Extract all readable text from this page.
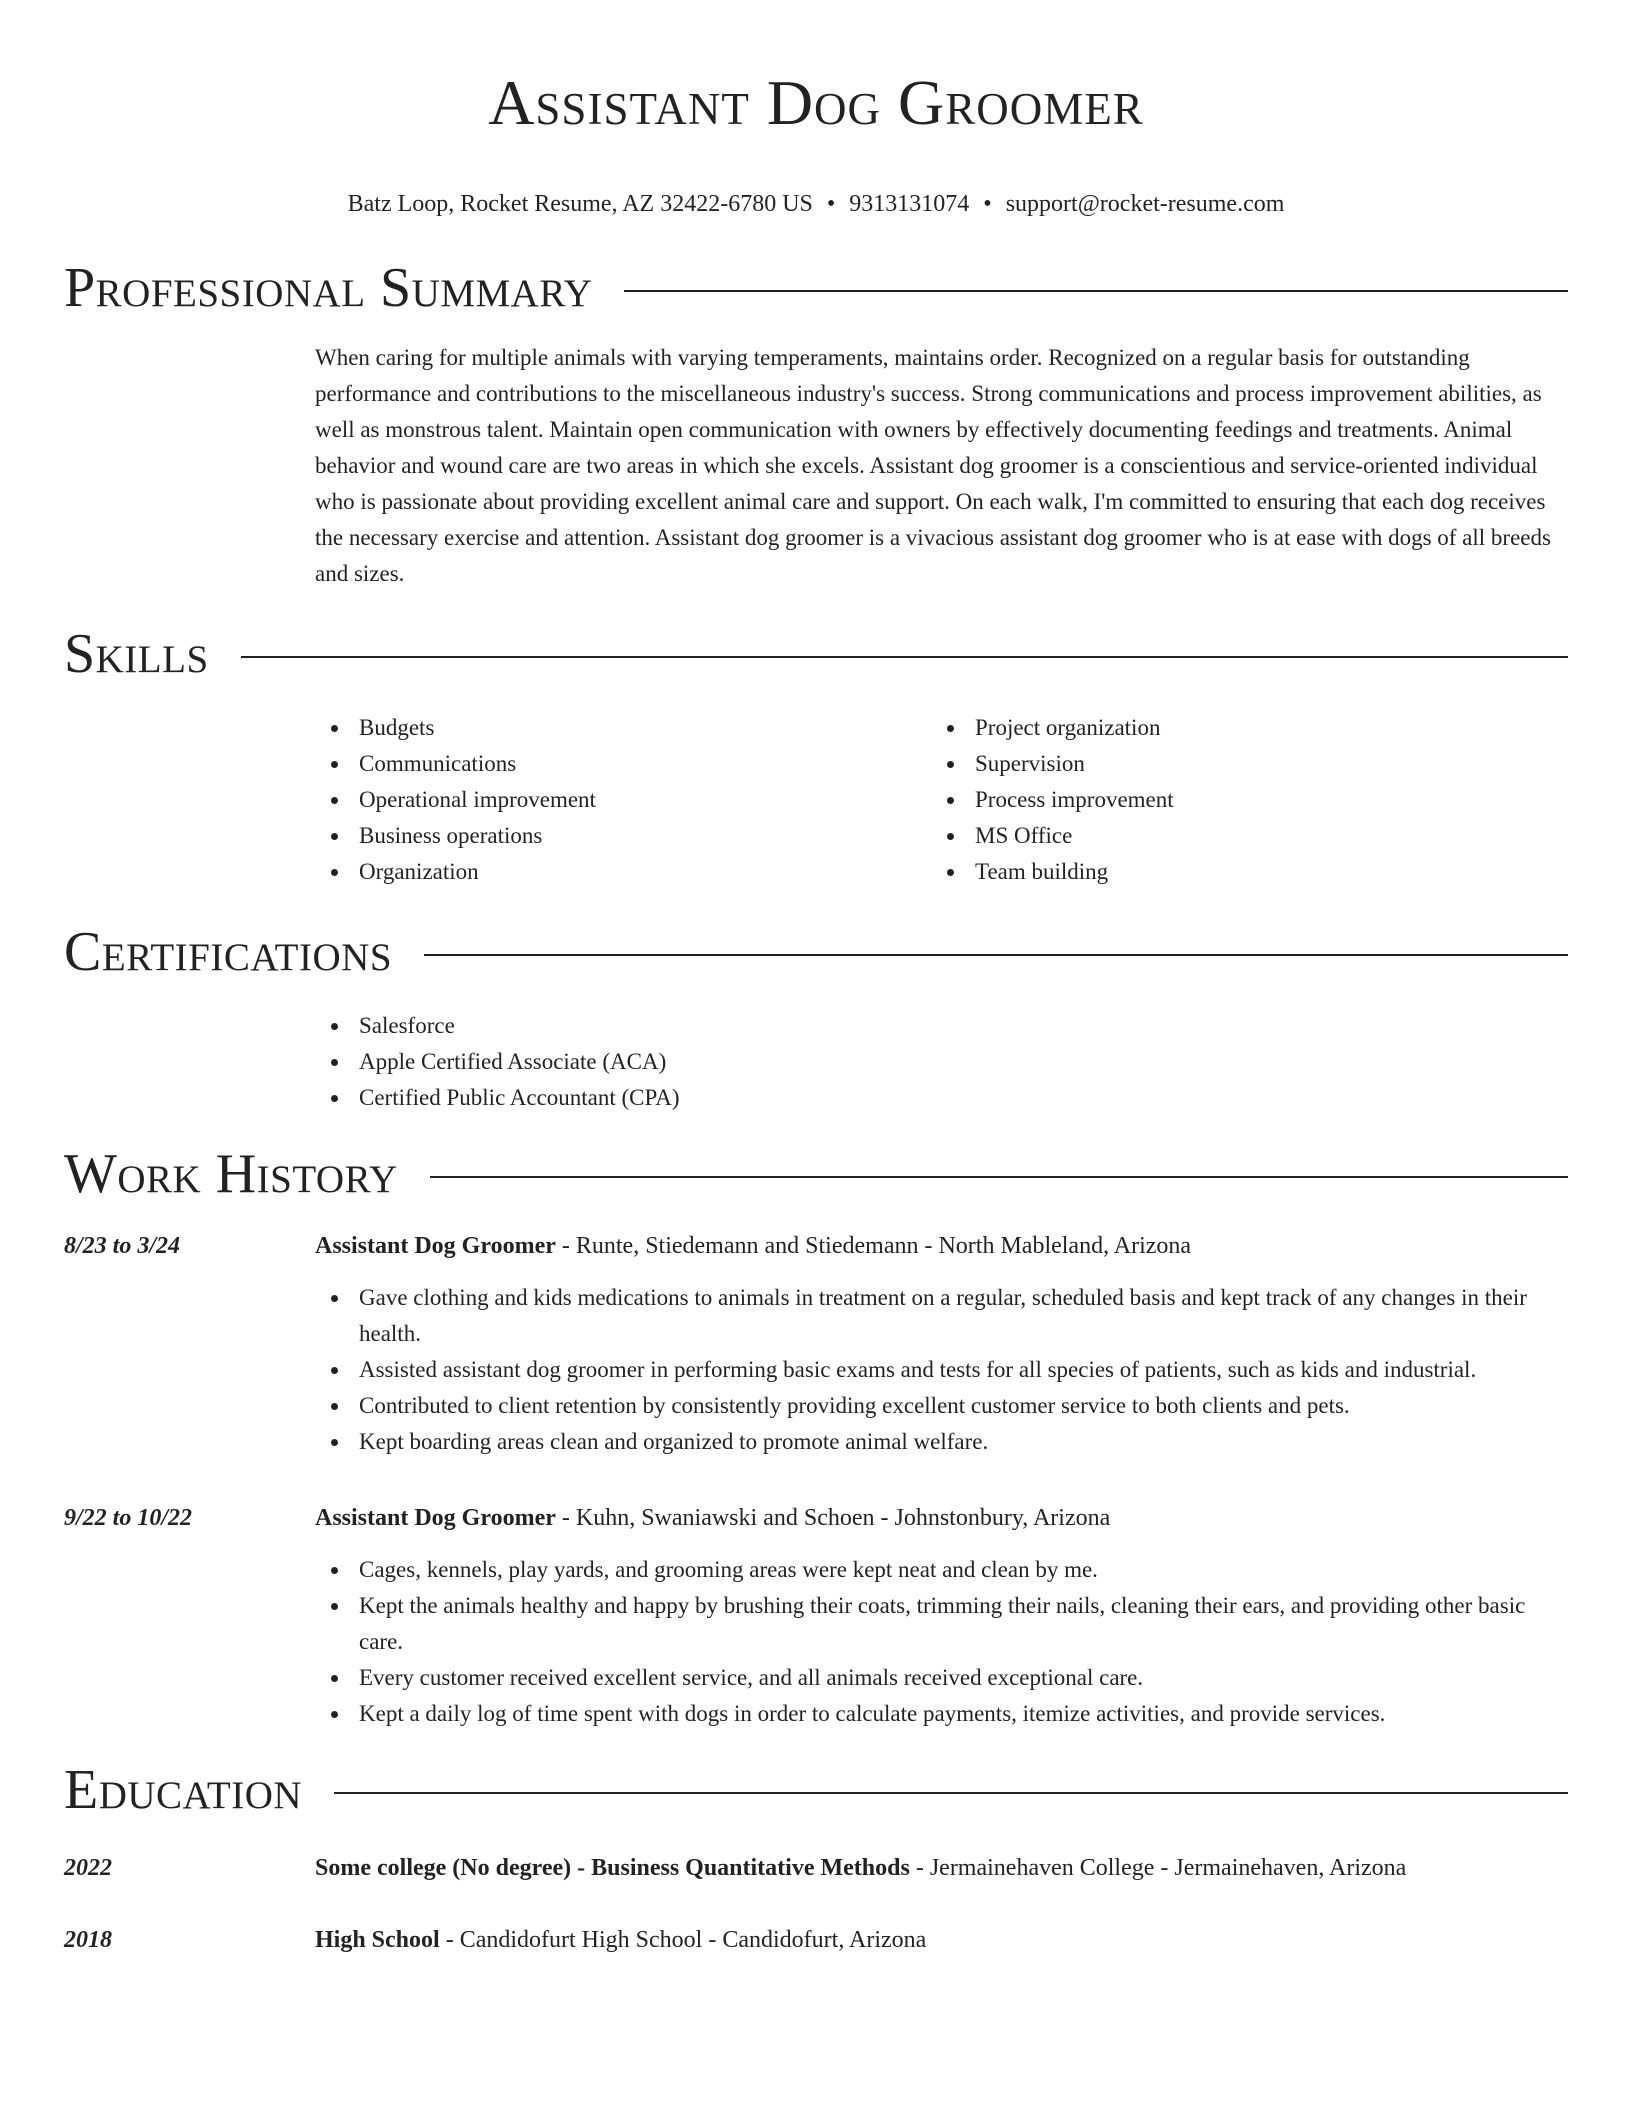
Assistant Dog Groomer
Batz Loop, Rocket Resume, AZ 32422-6780 US • 9313131074 • support@rocket-resume.com
Professional Summary

When caring for multiple animals with varying temperaments, maintains order. Recognized on a regular basis for outstanding performance and contributions to the miscellaneous industry's success. Strong communications and process improvement abilities, as well as monstrous talent. Maintain open communication with owners by effectively documenting feedings and treatments. Animal behavior and wound care are two areas in which she excels. Assistant dog groomer is a conscientious and service-oriented individual who is passionate about providing excellent animal care and support. On each walk, I'm committed to ensuring that each dog receives the necessary exercise and attention. Assistant dog groomer is a vivacious assistant dog groomer who is at ease with dogs of all breeds and sizes.

Skills
Budgets
Communications
Operational improvement
Business operations
Organization
Project organization
Supervision
Process improvement
MS Office
Team building
Certifications
Salesforce
Apple Certified Associate (ACA)
Certified Public Accountant (CPA)
Work History
8/23 to 3/24	Assistant Dog Groomer - Runte, Stiedemann and Stiedemann - North Mableland, Arizona
Gave clothing and kids medications to animals in treatment on a regular, scheduled basis and kept track of any changes in their health.
Assisted assistant dog groomer in performing basic exams and tests for all species of patients, such as kids and industrial.
Contributed to client retention by consistently providing excellent customer service to both clients and pets.
Kept boarding areas clean and organized to promote animal welfare.
9/22 to 10/22	Assistant Dog Groomer - Kuhn, Swaniawski and Schoen - Johnstonbury, Arizona
Cages, kennels, play yards, and grooming areas were kept neat and clean by me.
Kept the animals healthy and happy by brushing their coats, trimming their nails, cleaning their ears, and providing other basic care.
Every customer received excellent service, and all animals received exceptional care.
Kept a daily log of time spent with dogs in order to calculate payments, itemize activities, and provide services.
Education
2022	Some college (No degree) - Business Quantitative Methods - Jermainehaven College - Jermainehaven, Arizona
2018	High School - Candidofurt High School - Candidofurt, Arizona
